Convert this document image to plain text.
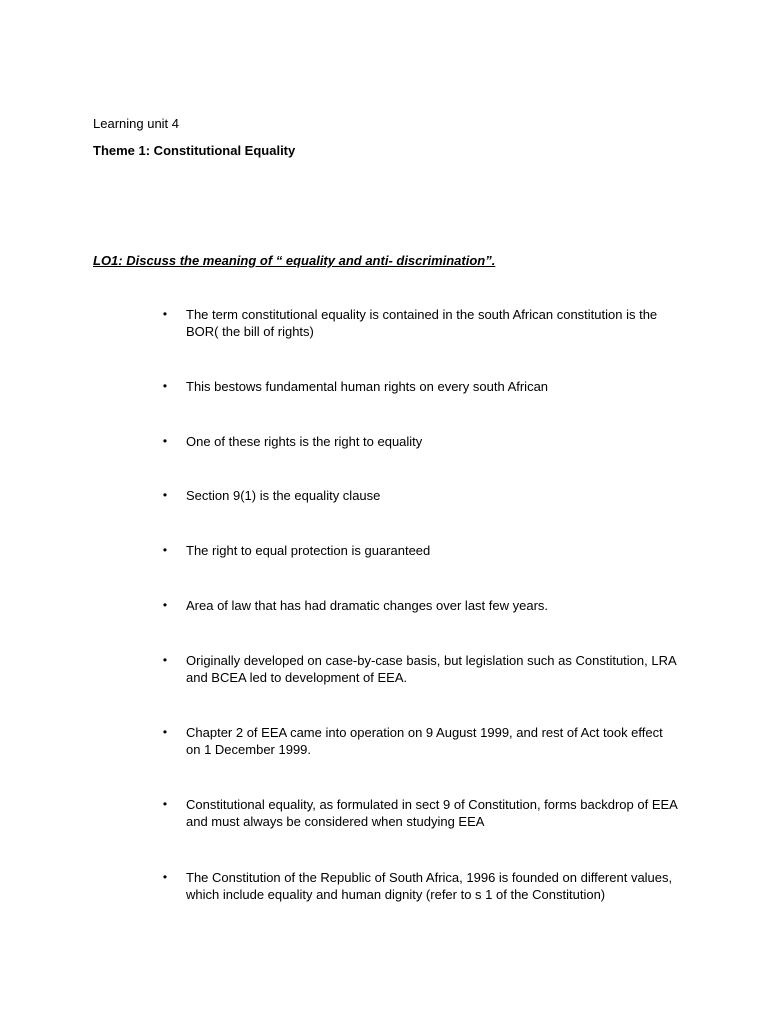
Learning unit 4

Theme 1: Constitutional Equality

LO1: Discuss the meaning of “ equality and anti- discrimination”.

• The term constitutional equality is contained in the south African constitution is the BOR( the bill of rights)
• This bestows fundamental human rights on every south African
• One of these rights is the right to equality
• Section 9(1) is the equality clause
• The right to equal protection is guaranteed
• Area of law that has had dramatic changes over last few years.
• Originally developed on case-by-case basis, but legislation such as Constitution, LRA and BCEA led to development of EEA.
• Chapter 2 of EEA came into operation on 9 August 1999, and rest of Act took effect on 1 December 1999.
• Constitutional equality, as formulated in sect 9 of Constitution, forms backdrop of EEA and must always be considered when studying EEA
• The Constitution of the Republic of South Africa, 1996 is founded on different values, which include equality and human dignity (refer to s 1 of the Constitution)
